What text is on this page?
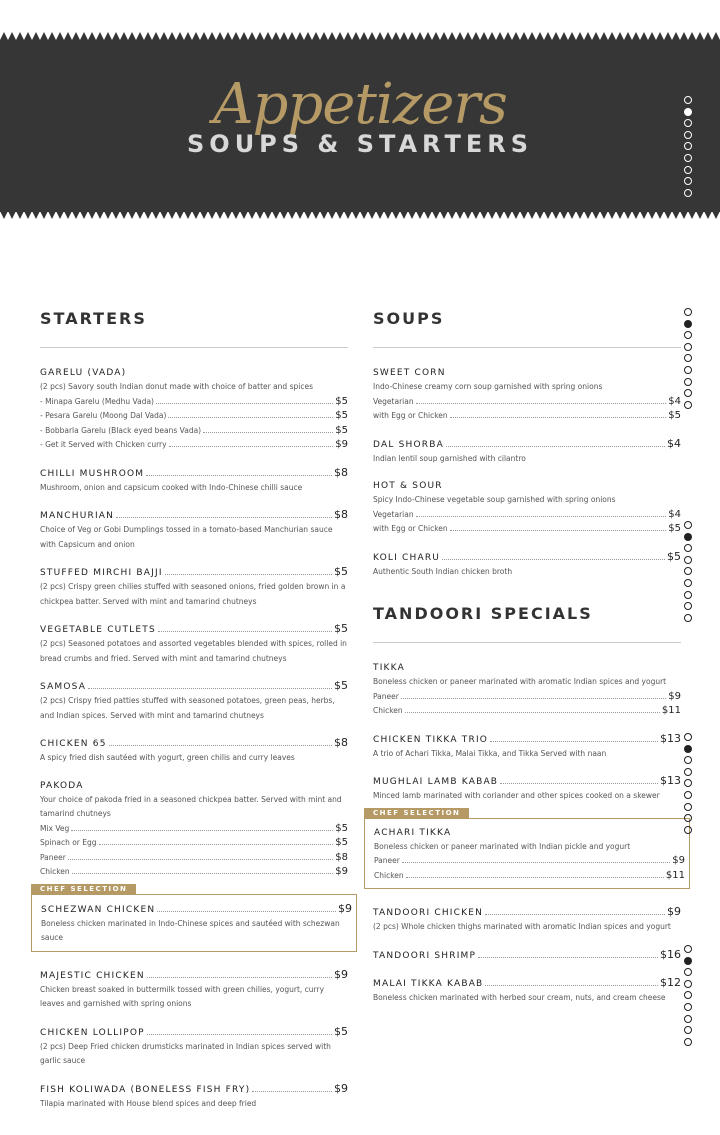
Appetizers
SOUPS & STARTERS
STARTERS
GARELU (VADA)
(2 pcs) Savory south Indian donut made with choice of batter and spices
- Minapa Garelu (Medhu Vada)	$5
- Pesara Garelu (Moong Dal Vada)	$5
- Bobbarla Garelu (Black eyed beans Vada)	$5
- Get it Served with Chicken curry	$9
CHILLI MUSHROOM	$8
Mushroom, onion and capsicum cooked with Indo-Chinese chilli sauce
MANCHURIAN	$8
Choice of Veg or Gobi Dumplings tossed in a tomato-based Manchurian sauce with Capsicum and onion
STUFFED MIRCHI BAJJI	$5
(2 pcs) Crispy green chilies stuffed with seasoned onions, fried golden brown in a chickpea batter. Served with mint and tamarind chutneys
VEGETABLE CUTLETS	$5
(2 pcs) Seasoned potatoes and assorted vegetables blended with spices, rolled in bread crumbs and fried. Served with mint and tamarind chutneys
SAMOSA	$5
(2 pcs) Crispy fried patties stuffed with seasoned potatoes, green peas, herbs, and Indian spices. Served with mint and tamarind chutneys
CHICKEN 65	$8
A spicy fried dish sautéed with yogurt, green chilis and curry leaves
PAKODA
Your choice of pakoda fried in a seasoned chickpea batter. Served with mint and tamarind chutneys
Mix Veg	$5
Spinach or Egg	$5
Paneer	$8
Chicken	$9
CHEF SELECTION
SCHEZWAN CHICKEN	$9
Boneless chicken marinated in Indo-Chinese spices and sautéed with schezwan sauce
MAJESTIC CHICKEN	$9
Chicken breast soaked in buttermilk tossed with green chilies, yogurt, curry leaves and garnished with spring onions
CHICKEN LOLLIPOP	$5
(2 pcs) Deep Fried chicken drumsticks marinated in Indian spices served with garlic sauce
FISH KOLIWADA (BONELESS FISH FRY)	$9
Tilapia marinated with House blend spices and deep fried
SOUPS
SWEET CORN
Indo-Chinese creamy corn soup garnished with spring onions
Vegetarian	$4
with Egg or Chicken	$5
DAL SHORBA	$4
Indian lentil soup garnished with cilantro
HOT & SOUR
Spicy Indo-Chinese vegetable soup garnished with spring onions
Vegetarian	$4
with Egg or Chicken	$5
KOLI CHARU	$5
Authentic South Indian chicken broth
TANDOORI SPECIALS
TIKKA
Boneless chicken or paneer marinated with aromatic Indian spices and yogurt
Paneer	$9
Chicken	$11
CHICKEN TIKKA TRIO	$13
A trio of Achari Tikka, Malai Tikka, and Tikka Served with naan
MUGHLAI LAMB KABAB	$13
Minced lamb marinated with coriander and other spices cooked on a skewer
CHEF SELECTION
ACHARI TIKKA
Boneless chicken or paneer marinated with Indian pickle and yogurt
Paneer	$9
Chicken	$11
TANDOORI CHICKEN	$9
(2 pcs) Whole chicken thighs marinated with aromatic Indian spices and yogurt
TANDOORI SHRIMP	$16
MALAI TIKKA KABAB	$12
Boneless chicken marinated with herbed sour cream, nuts, and cream cheese
